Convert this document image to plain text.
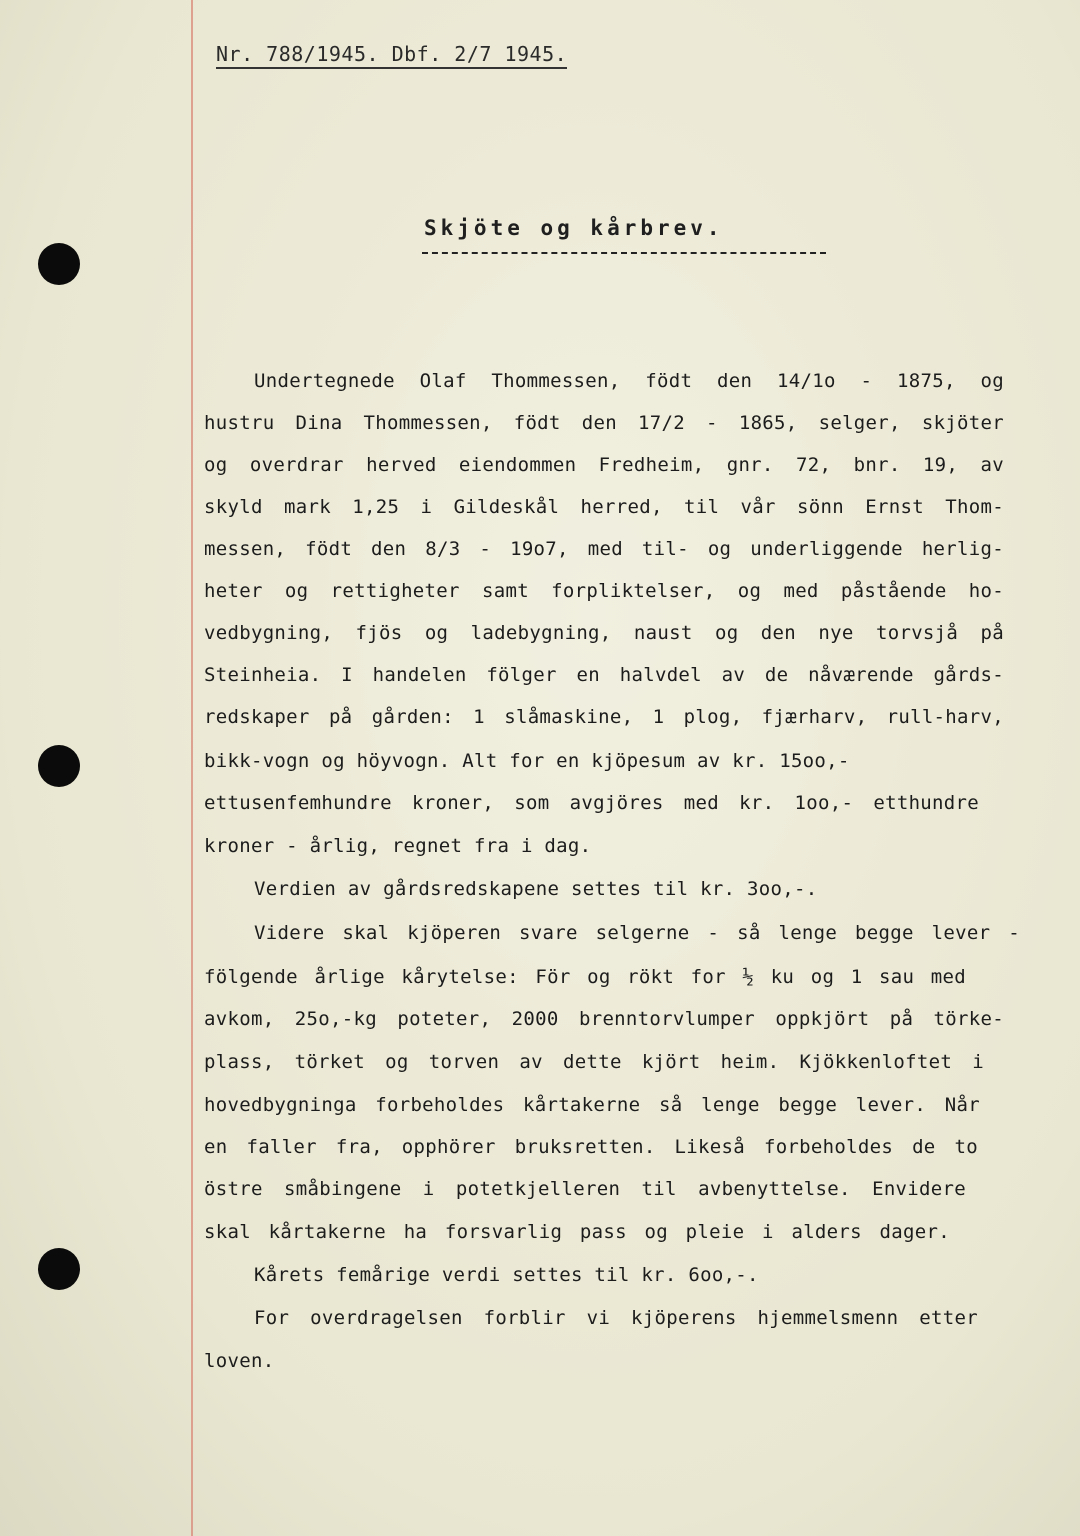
Nr. 788/1945. Dbf. 2/7 1945.
Skjöte og kårbrev.
Undertegnede Olaf Thommessen, födt den 14/1o - 1875, og
hustru Dina Thommessen, födt den 17/2 - 1865, selger, skjöter
og overdrar herved eiendommen Fredheim, gnr. 72, bnr. 19, av
skyld mark 1,25 i Gildeskål herred, til vår sönn Ernst Thom-
messen, födt den 8/3 - 19o7, med til- og underliggende herlig-
heter og rettigheter samt forpliktelser, og med påstående ho-
vedbygning, fjös og ladebygning, naust og den nye torvsjå på
Steinheia. I handelen fölger en halvdel av de nåværende gårds-
redskaper på gården: 1 slåmaskine, 1 plog, fjærharv, rull-harv,
bikk-vogn og höyvogn. Alt for en kjöpesum av kr. 15oo,-
ettusenfemhundre kroner, som avgjöres med kr. 1oo,- etthundre
kroner - årlig, regnet fra i dag.
Verdien av gårdsredskapene settes til kr. 3oo,-.
Videre skal kjöperen svare selgerne - så lenge begge lever -
fölgende årlige kårytelse: För og rökt for ½ ku og 1 sau med
avkom, 25o,-kg poteter, 2000 brenntorvlumper oppkjört på törke-
plass, törket og torven av dette kjört heim. Kjökkenloftet i
hovedbygninga forbeholdes kårtakerne så lenge begge lever. Når
en faller fra, opphörer bruksretten. Likeså forbeholdes de to
östre småbingene i potetkjelleren til avbenyttelse. Envidere
skal kårtakerne ha forsvarlig pass og pleie i alders dager.
Kårets femårige verdi settes til kr. 6oo,-.
For overdragelsen forblir vi kjöperens hjemmelsmenn etter
loven.
